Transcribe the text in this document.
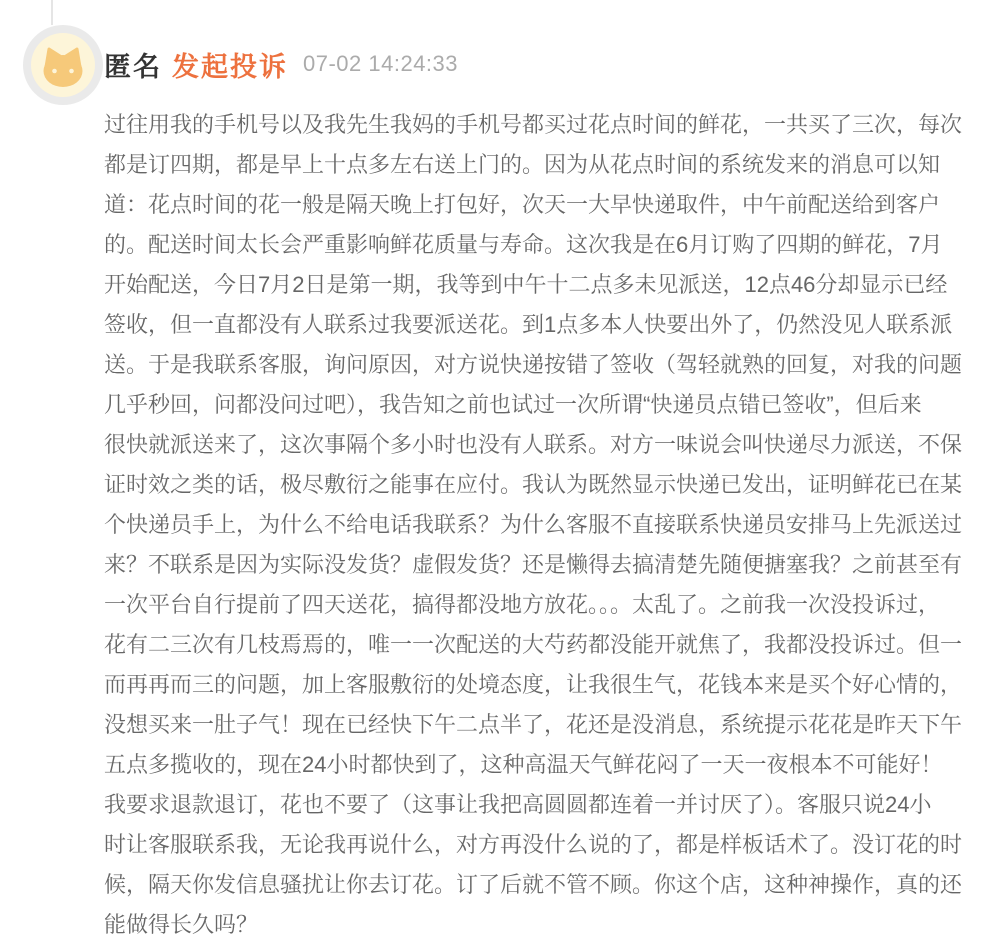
匿名 发起投诉 07-02 14:24:33
过往用我的手机号以及我先生我妈的手机号都买过花点时间的鲜花，一共买了三次，每次
都是订四期，都是早上十点多左右送上门的。因为从花点时间的系统发来的消息可以知
道：花点时间的花一般是隔天晚上打包好，次天一大早快递取件，中午前配送给到客户
的。配送时间太长会严重影响鲜花质量与寿命。这次我是在6月订购了四期的鲜花，7月
开始配送，今日7月2日是第一期，我等到中午十二点多未见派送，12点46分却显示已经
签收，但一直都没有人联系过我要派送花。到1点多本人快要出外了，仍然没见人联系派
送。于是我联系客服，询问原因，对方说快递按错了签收（驾轻就熟的回复，对我的问题
几乎秒回，问都没问过吧），我告知之前也试过一次所谓“快递员点错已签收”，但后来
很快就派送来了，这次事隔个多小时也没有人联系。对方一味说会叫快递尽力派送，不保
证时效之类的话，极尽敷衍之能事在应付。我认为既然显示快递已发出，证明鲜花已在某
个快递员手上，为什么不给电话我联系？为什么客服不直接联系快递员安排马上先派送过
来？不联系是因为实际没发货？虚假发货？还是懒得去搞清楚先随便搪塞我？之前甚至有
一次平台自行提前了四天送花，搞得都没地方放花。。。太乱了。之前我一次没投诉过，
花有二三次有几枝焉焉的，唯一一次配送的大芍药都没能开就焦了，我都没投诉过。但一
而再再而三的问题，加上客服敷衍的处境态度，让我很生气，花钱本来是买个好心情的，
没想买来一肚子气！现在已经快下午二点半了，花还是没消息，系统提示花花是昨天下午
五点多揽收的，现在24小时都快到了，这种高温天气鲜花闷了一天一夜根本不可能好！
我要求退款退订，花也不要了（这事让我把高圆圆都连着一并讨厌了）。客服只说24小
时让客服联系我，无论我再说什么，对方再没什么说的了，都是样板话术了。没订花的时
候，隔天你发信息骚扰让你去订花。订了后就不管不顾。你这个店，这种神操作，真的还
能做得长久吗？
